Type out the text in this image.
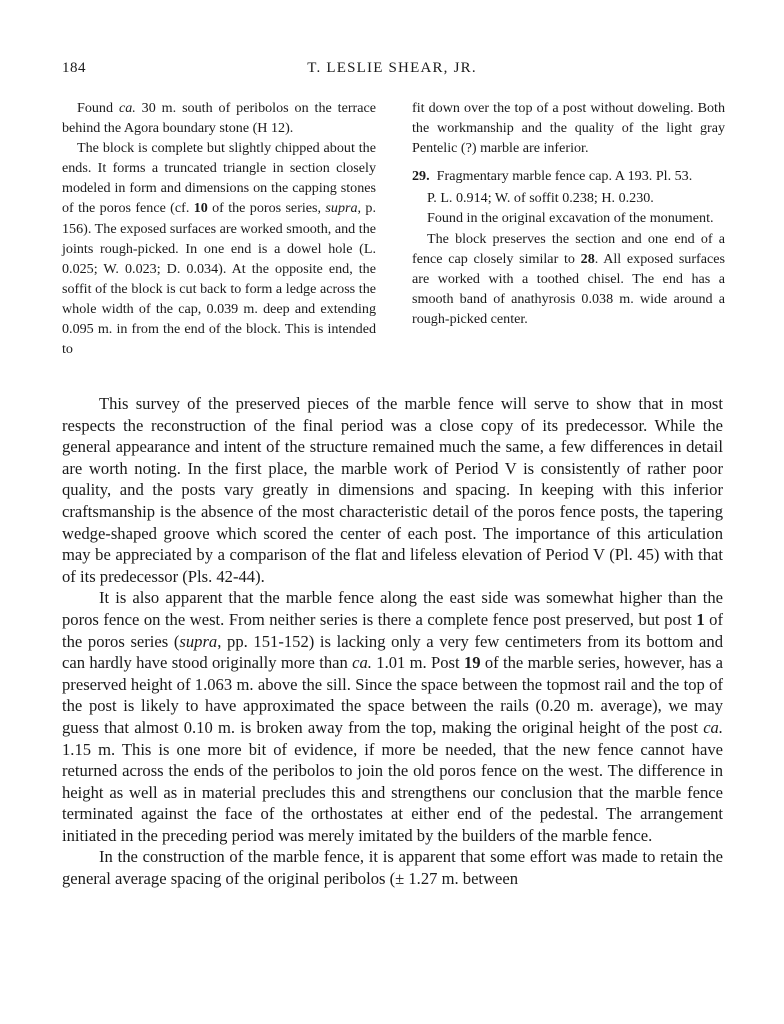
184	T. LESLIE SHEAR, JR.

Found ca. 30 m. south of peribolos on the terrace behind the Agora boundary stone (H 12).

The block is complete but slightly chipped about the ends. It forms a truncated triangle in section closely modeled in form and dimensions on the capping stones of the poros fence (cf. 10 of the poros series, supra, p. 156). The exposed surfaces are worked smooth, and the joints rough-picked. In one end is a dowel hole (L. 0.025; W. 0.023; D. 0.034). At the opposite end, the soffit of the block is cut back to form a ledge across the whole width of the cap, 0.039 m. deep and extending 0.095 m. in from the end of the block. This is intended to

fit down over the top of a post without doweling. Both the workmanship and the quality of the light gray Pentelic (?) marble are inferior.

29. Fragmentary marble fence cap. A 193. Pl. 53.

P. L. 0.914; W. of soffit 0.238; H. 0.230.

Found in the original excavation of the monument.

The block preserves the section and one end of a fence cap closely similar to 28. All exposed surfaces are worked with a toothed chisel. The end has a smooth band of anathyrosis 0.038 m. wide around a rough-picked center.

This survey of the preserved pieces of the marble fence will serve to show that in most respects the reconstruction of the final period was a close copy of its predecessor. While the general appearance and intent of the structure remained much the same, a few differences in detail are worth noting. In the first place, the marble work of Period V is consistently of rather poor quality, and the posts vary greatly in dimensions and spacing. In keeping with this inferior craftsmanship is the absence of the most characteristic detail of the poros fence posts, the tapering wedge-shaped groove which scored the center of each post. The importance of this articulation may be appreciated by a comparison of the flat and lifeless elevation of Period V (Pl. 45) with that of its predecessor (Pls. 42-44).

It is also apparent that the marble fence along the east side was somewhat higher than the poros fence on the west. From neither series is there a complete fence post preserved, but post 1 of the poros series (supra, pp. 151-152) is lacking only a very few centimeters from its bottom and can hardly have stood originally more than ca. 1.01 m. Post 19 of the marble series, however, has a preserved height of 1.063 m. above the sill. Since the space between the topmost rail and the top of the post is likely to have approximated the space between the rails (0.20 m. average), we may guess that almost 0.10 m. is broken away from the top, making the original height of the post ca. 1.15 m. This is one more bit of evidence, if more be needed, that the new fence cannot have returned across the ends of the peribolos to join the old poros fence on the west. The difference in height as well as in material precludes this and strengthens our conclusion that the marble fence terminated against the face of the orthostates at either end of the pedestal. The arrangement initiated in the preceding period was merely imitated by the builders of the marble fence.

In the construction of the marble fence, it is apparent that some effort was made to retain the general average spacing of the original peribolos (± 1.27 m. between
